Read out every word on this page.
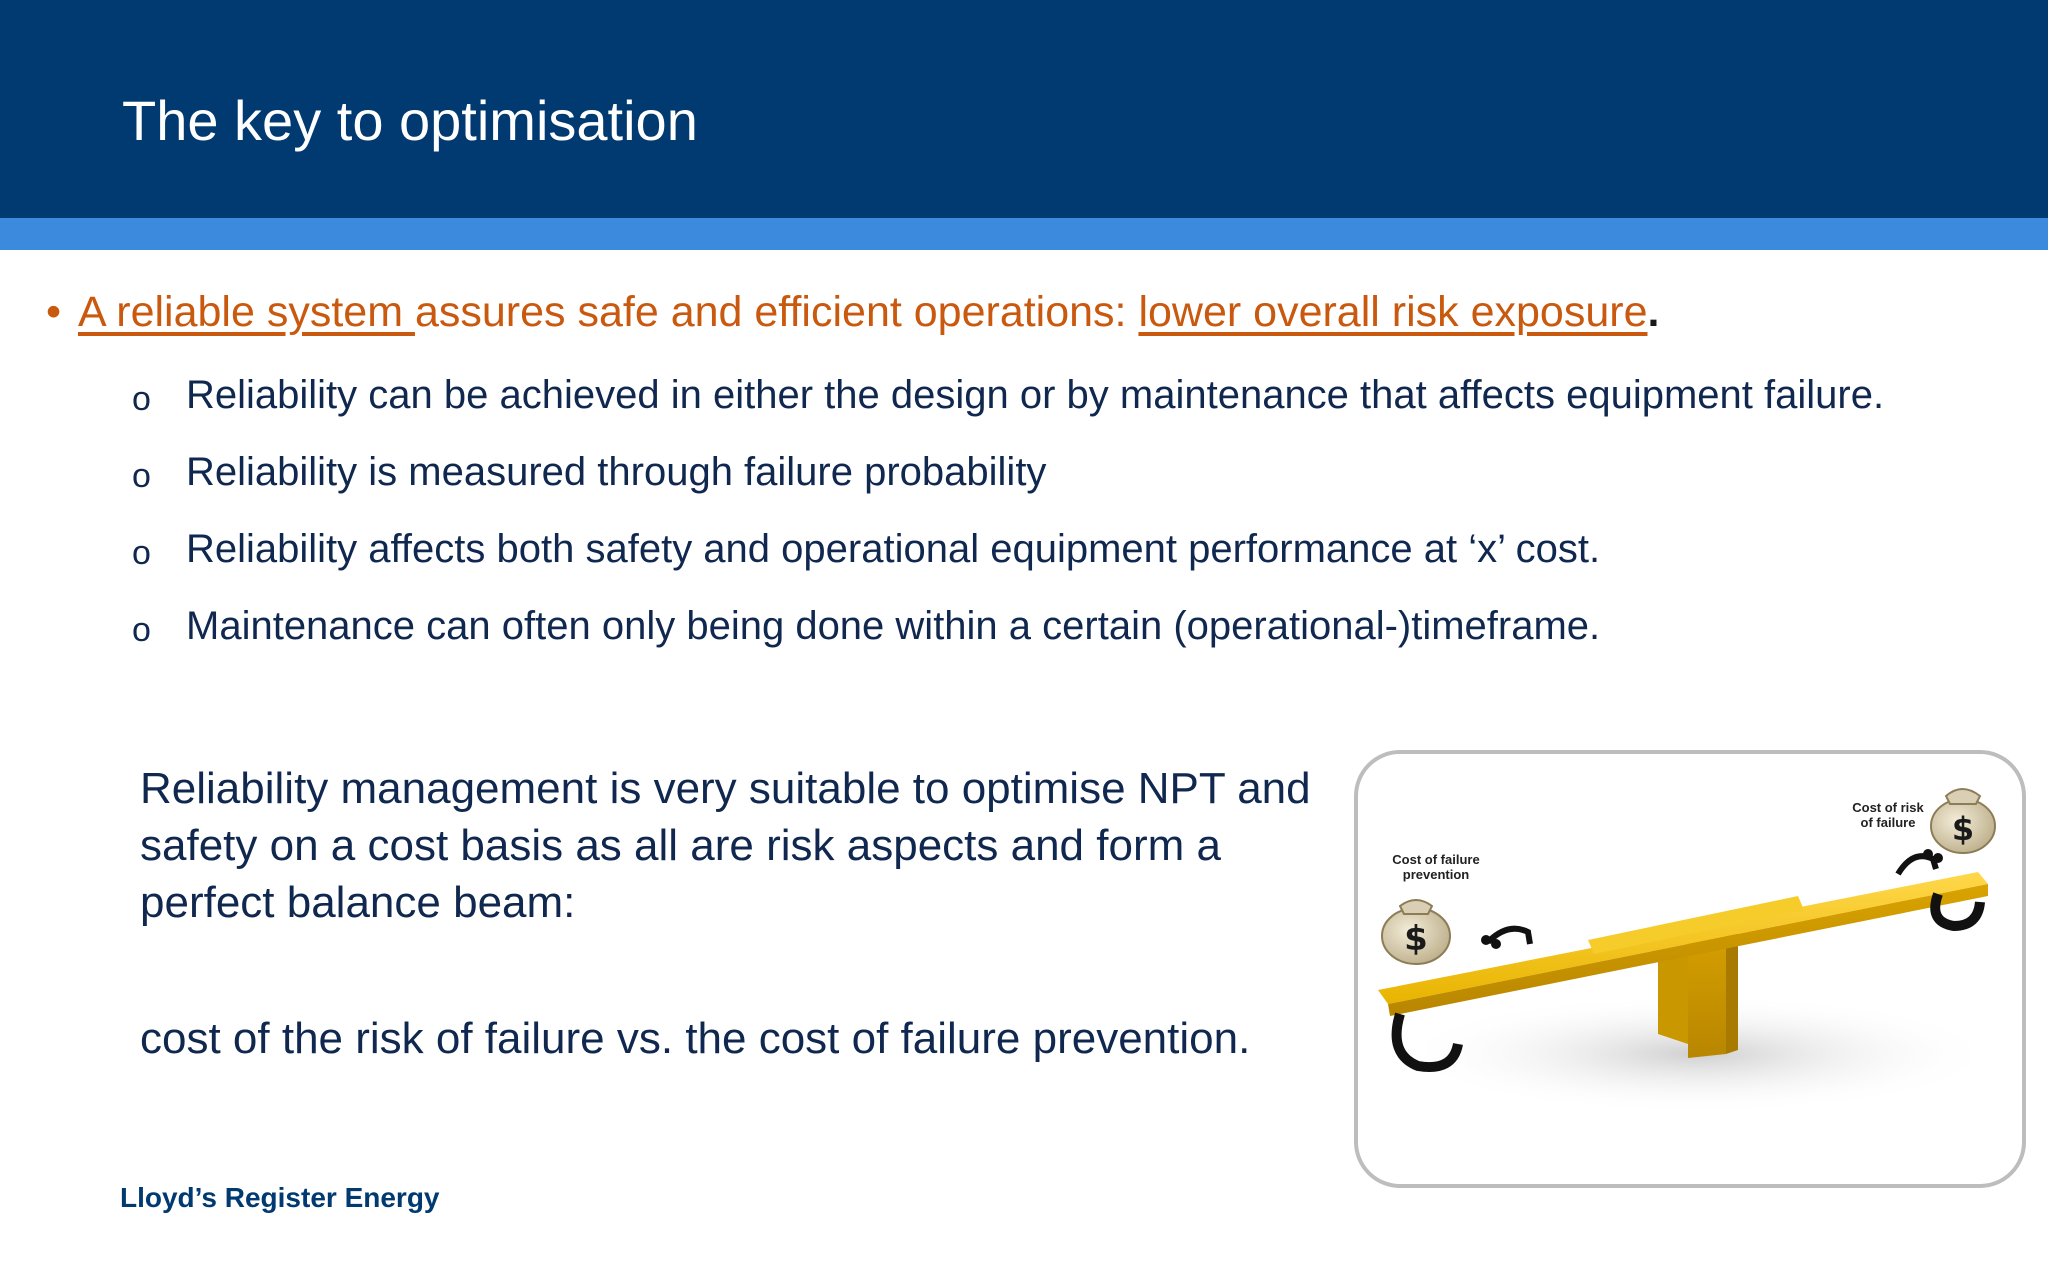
The key to optimisation
• A reliable system assures safe and efficient operations: lower overall risk exposure.
o Reliability can be achieved in either the design or by maintenance that affects equipment failure.
o Reliability is measured through failure probability
o Reliability affects both safety and operational equipment performance at ‘x’ cost.
o Maintenance can often only being done within a certain (operational-)timeframe.
Reliability management is very suitable to optimise NPT and safety on a cost basis as all are risk aspects and form a perfect balance beam:
cost of the risk of failure vs. the cost of failure prevention.
Lloyd’s Register Energy
$
$
Cost of failure
prevention
Cost of risk
of failure
